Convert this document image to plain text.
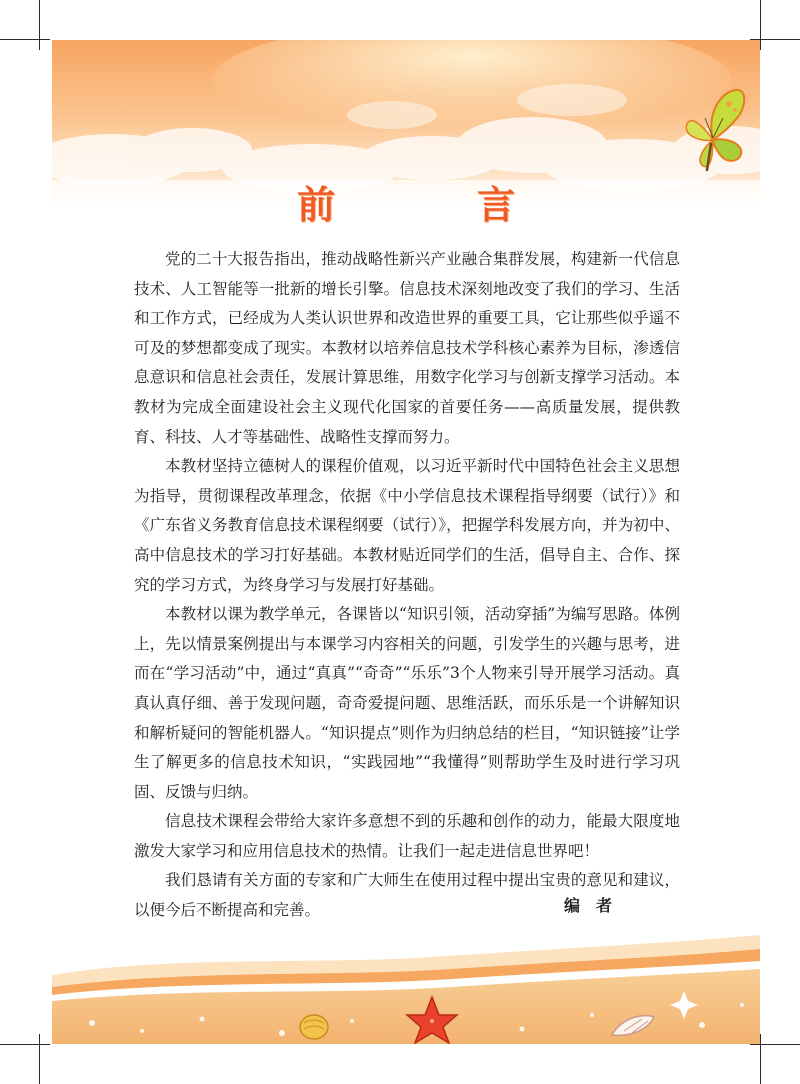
前　言

党的二十大报告指出，推动战略性新兴产业融合集群发展，构建新一代信息技术、人工智能等一批新的增长引擎。信息技术深刻地改变了我们的学习、生活和工作方式，已经成为人类认识世界和改造世界的重要工具，它让那些似乎遥不可及的梦想都变成了现实。本教材以培养信息技术学科核心素养为目标，渗透信息意识和信息社会责任，发展计算思维，用数字化学习与创新支撑学习活动。本教材为完成全面建设社会主义现代化国家的首要任务——高质量发展，提供教育、科技、人才等基础性、战略性支撑而努力。

本教材坚持立德树人的课程价值观，以习近平新时代中国特色社会主义思想为指导，贯彻课程改革理念，依据《中小学信息技术课程指导纲要（试行）》和《广东省义务教育信息技术课程纲要（试行）》，把握学科发展方向，并为初中、高中信息技术的学习打好基础。本教材贴近同学们的生活，倡导自主、合作、探究的学习方式，为终身学习与发展打好基础。

本教材以课为教学单元，各课皆以“知识引领，活动穿插”为编写思路。体例上，先以情景案例提出与本课学习内容相关的问题，引发学生的兴趣与思考，进而在“学习活动”中，通过“真真”“奇奇”“乐乐”3个人物来引导开展学习活动。真真认真仔细、善于发现问题，奇奇爱提问题、思维活跃，而乐乐是一个讲解知识和解析疑问的智能机器人。“知识提点”则作为归纳总结的栏目，“知识链接”让学生了解更多的信息技术知识，“实践园地”“我懂得”则帮助学生及时进行学习巩固、反馈与归纳。

信息技术课程会带给大家许多意想不到的乐趣和创作的动力，能最大限度地激发大家学习和应用信息技术的热情。让我们一起走进信息世界吧！

我们恳请有关方面的专家和广大师生在使用过程中提出宝贵的意见和建议，以便今后不断提高和完善。	编者
